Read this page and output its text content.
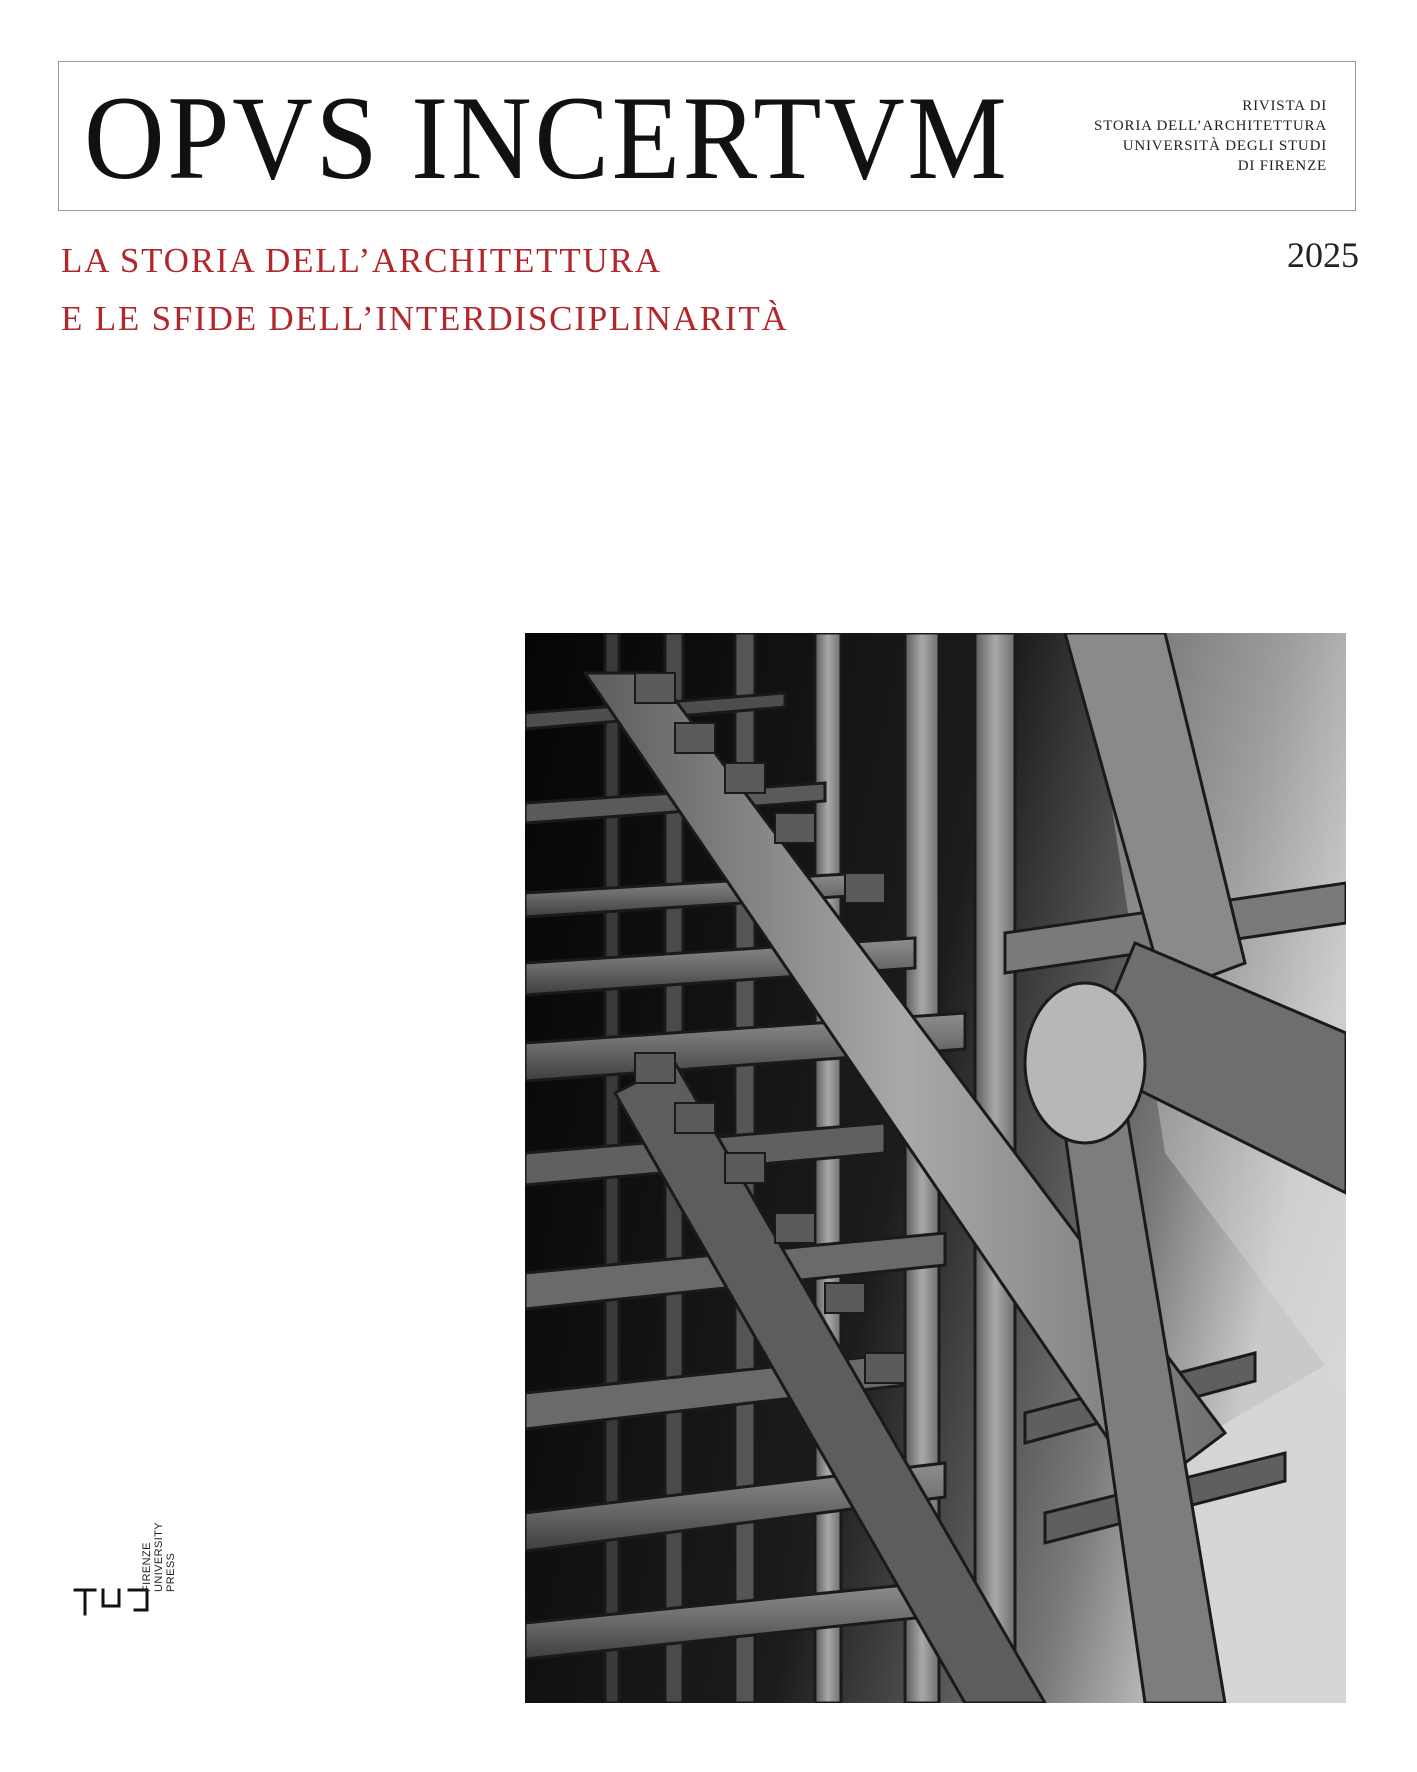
OPVS INCERTVM	RIVISTA DI
STORIA DELL’ARCHITETTURA
UNIVERSITÀ DEGLI STUDI
DI FIRENZE
LA STORIA DELL’ARCHITETTURA
E LE SFIDE DELL’INTERDISCIPLINARITÀ
2025
FIRENZE UNIVERSITY PRESS
